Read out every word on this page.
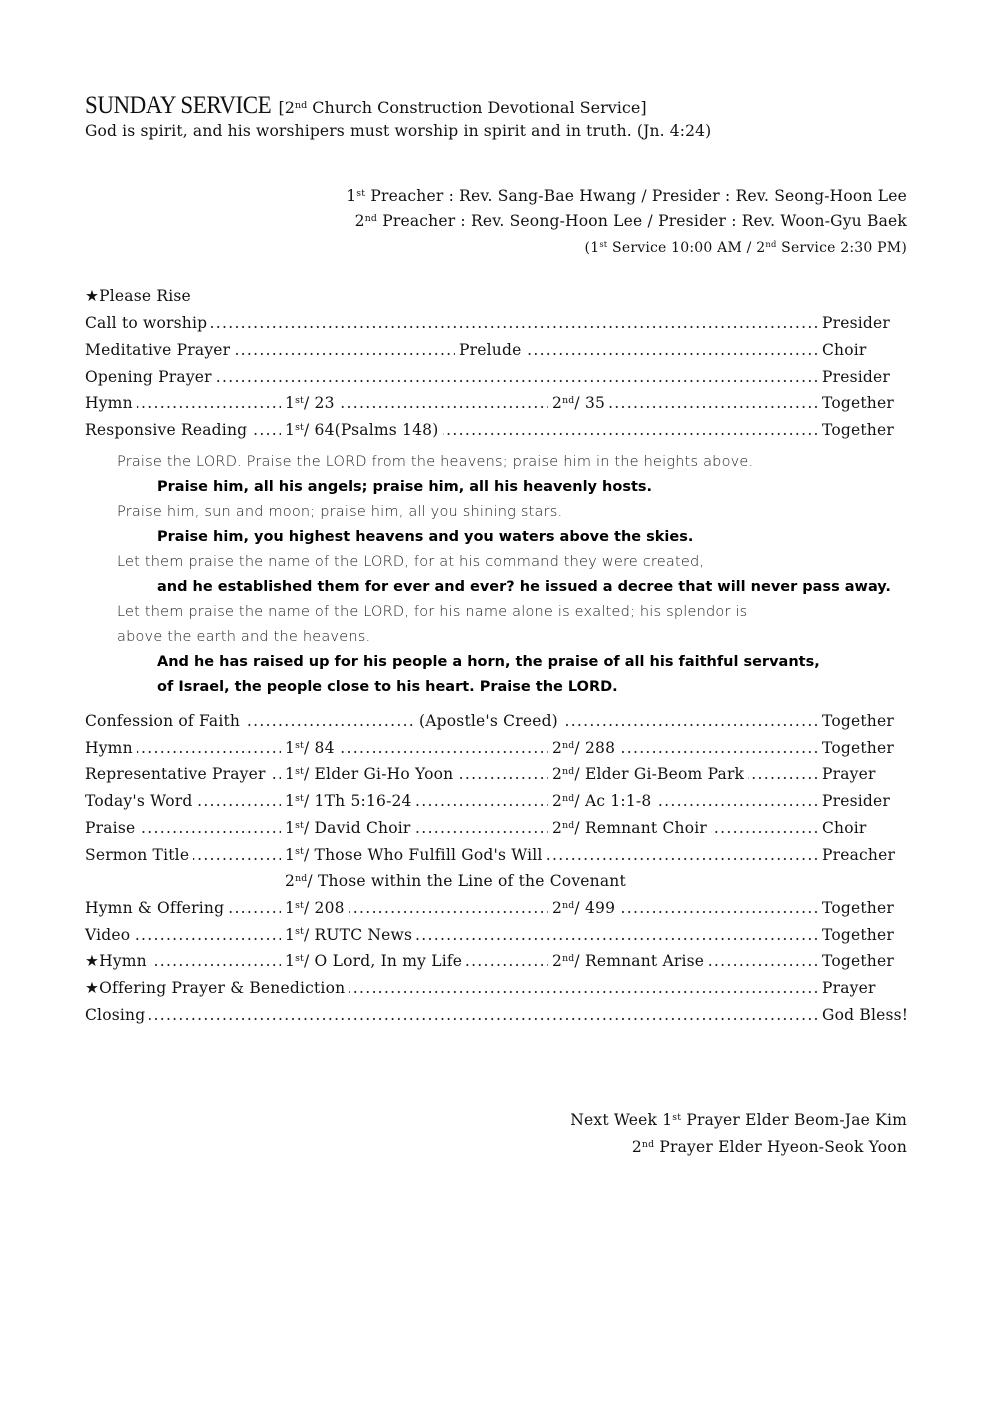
SUNDAY SERVICE [2nd Church Construction Devotional Service]
God is spirit, and his worshipers must worship in spirit and in truth. (Jn. 4:24)
1st Preacher : Rev. Sang-Bae Hwang / Presider : Rev. Seong-Hoon Lee
2nd Preacher : Rev. Seong-Hoon Lee / Presider : Rev. Woon-Gyu Baek
(1st Service 10:00 AM / 2nd Service 2:30 PM)
★Please Rise
.....
Call to worship	Presider
.....
Meditative Prayer	Prelude	Choir
.....
Opening Prayer	Presider
.....
Hymn	1st/ 23	2nd/ 35	Together
.....
Responsive Reading 1st/ 64(Psalms 148)	Together
Praise the LORD. Praise the LORD from the heavens; praise him in the heights above.
Praise him, all his angels; praise him, all his heavenly hosts.
Praise him, sun and moon; praise him, all you shining stars.
Praise him, you highest heavens and you waters above the skies.
Let them praise the name of the LORD, for at his command they were created,
and he established them for ever and ever? he issued a decree that will never pass away.
Let them praise the name of the LORD, for his name alone is exalted; his splendor is
above the earth and the heavens.
And he has raised up for his people a horn, the praise of all his faithful servants,
of Israel, the people close to his heart. Praise the LORD.
.....
Confession of Faith	(Apostle's Creed)	Together
.....
Hymn	1st/ 84	2nd/ 288	Together
.....
Representative Prayer 1st/ Elder Gi-Ho Yoon	2nd/ Elder Gi-Beom Park	Prayer
.....
Today's Word	1st/ 1Th 5:16-24	2nd/ Ac 1:1-8	Presider
.....
Praise	1st/ David Choir	2nd/ Remnant Choir	Choir
.....
Sermon Title	1st/ Those Who Fulfill God's Will	Preacher
2nd/ Those within the Line of the Covenant
.....
Hymn & Offering	1st/ 208	2nd/ 499	Together
.....
Video	1st/ RUTC News	Together
.....
★Hymn	1st/ O Lord, In my Life	2nd/ Remnant Arise	Together
.....
★Offering Prayer & Benediction	Prayer
.....
Closing	God Bless!
Next Week 1st Prayer Elder Beom-Jae Kim
2nd Prayer Elder Hyeon-Seok Yoon
